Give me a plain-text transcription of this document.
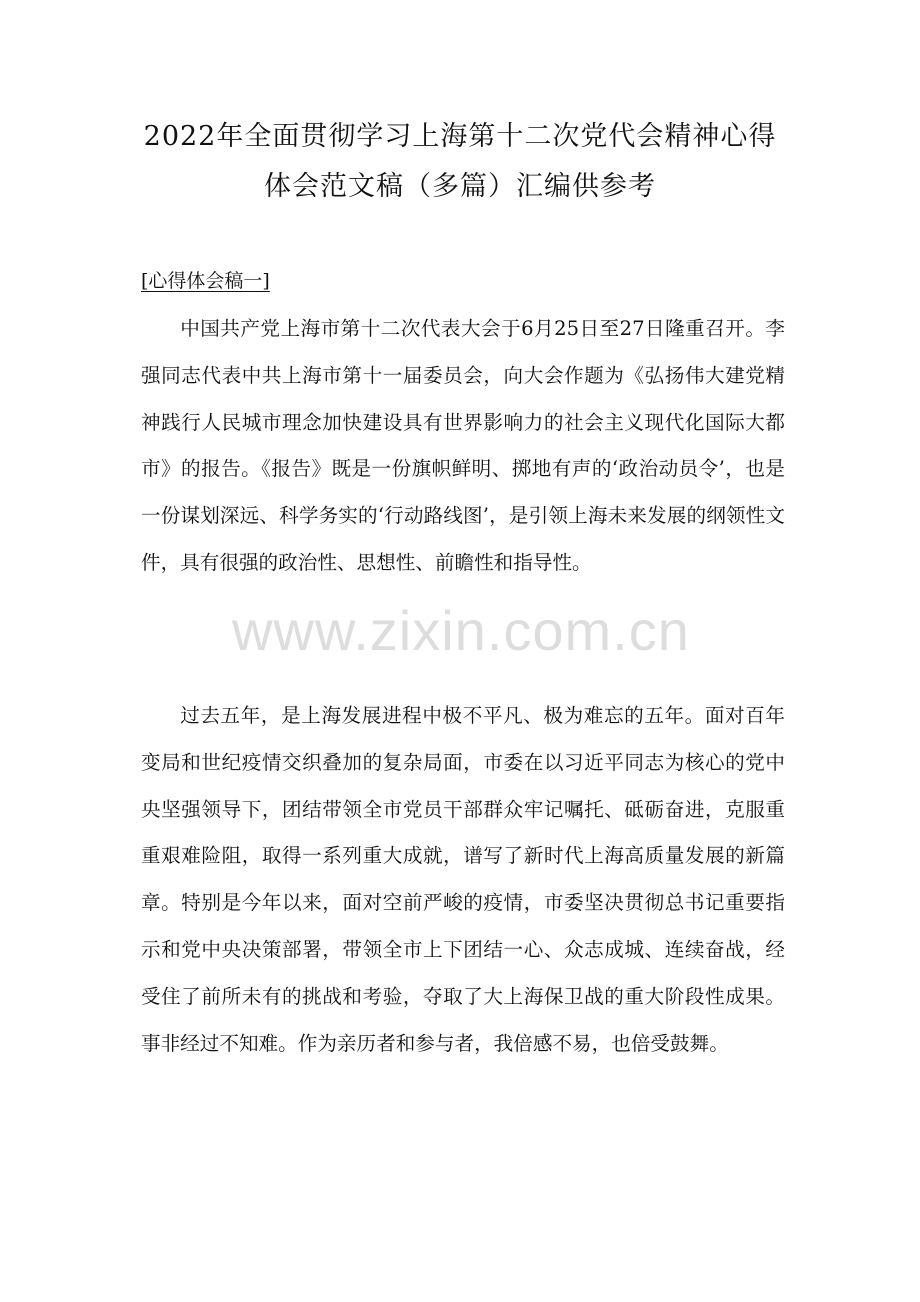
2022年全面贯彻学习上海第十二次党代会精神心得
体会范文稿（多篇）汇编供参考
[心得体会稿一]

中国共产党上海市第十二次代表大会于6月25日至27日隆重召开。李强同志代表中共上海市第十一届委员会，向大会作题为《弘扬伟大建党精神践行人民城市理念加快建设具有世界影响力的社会主义现代化国际大都市》的报告。《报告》既是一份旗帜鲜明、掷地有声的‘政治动员令’，也是一份谋划深远、科学务实的‘行动路线图’，是引领上海未来发展的纲领性文件，具有很强的政治性、思想性、前瞻性和指导性。

过去五年，是上海发展进程中极不平凡、极为难忘的五年。面对百年变局和世纪疫情交织叠加的复杂局面，市委在以习近平同志为核心的党中央坚强领导下，团结带领全市党员干部群众牢记嘱托、砥砺奋进，克服重重艰难险阻，取得一系列重大成就，谱写了新时代上海高质量发展的新篇章。特别是今年以来，面对空前严峻的疫情，市委坚决贯彻总书记重要指示和党中央决策部署，带领全市上下团结一心、众志成城、连续奋战，经受住了前所未有的挑战和考验，夺取了大上海保卫战的重大阶段性成果。事非经过不知难。作为亲历者和参与者，我倍感不易，也倍受鼓舞。

www.zixin.com.cn
